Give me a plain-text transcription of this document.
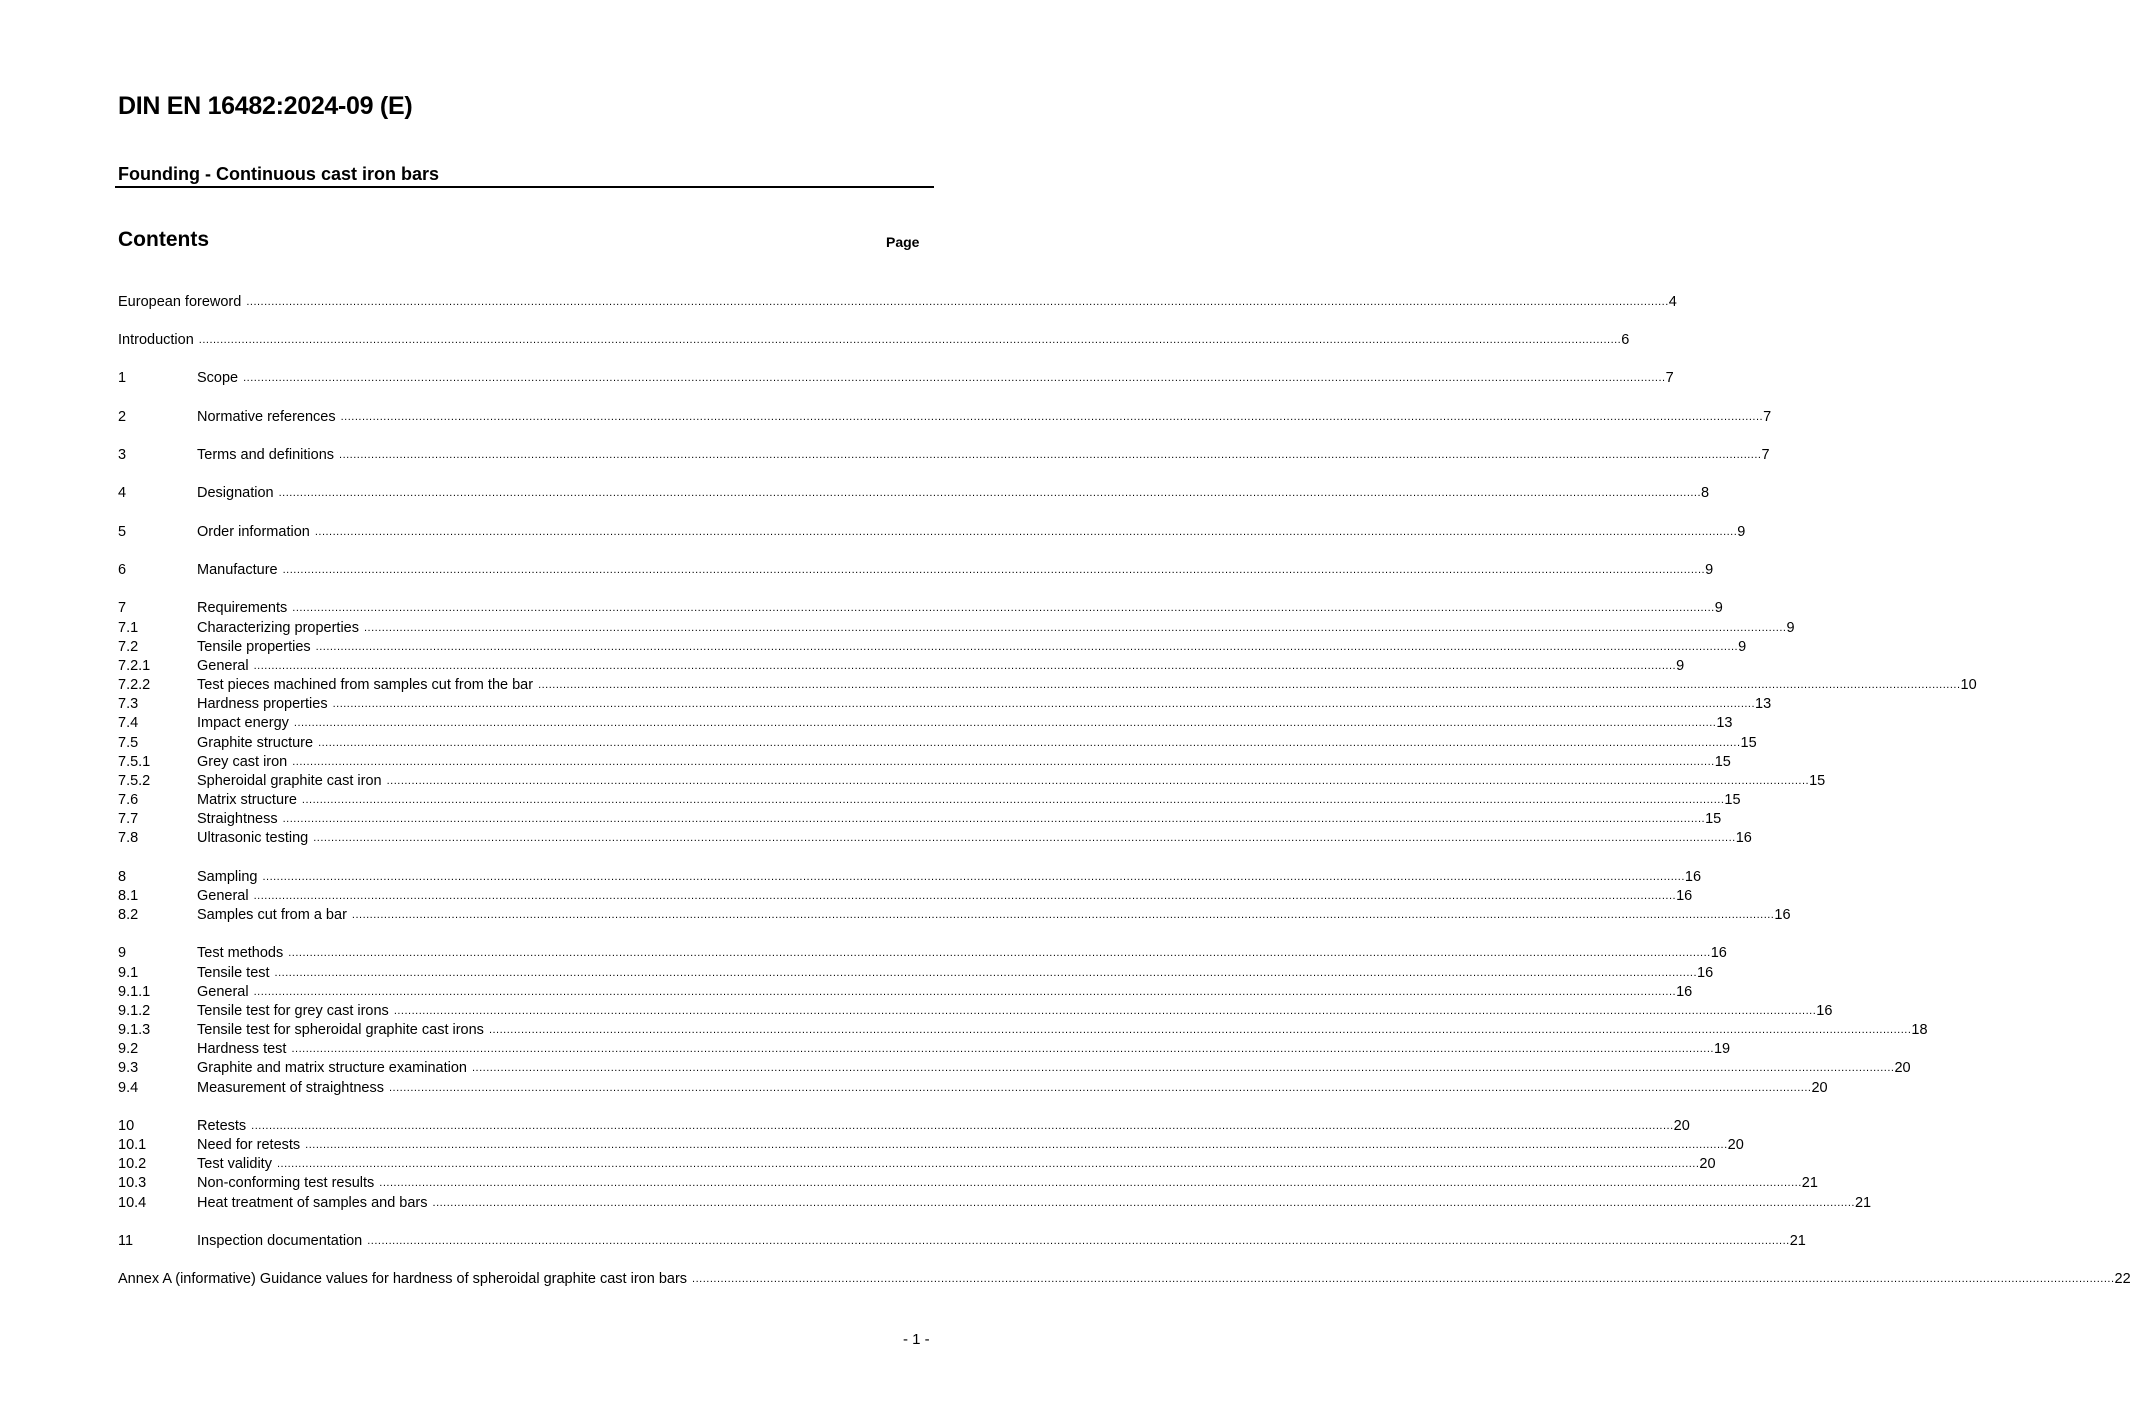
DIN EN 16482:2024-09 (E)
Founding - Continuous cast iron bars
Contents	Page
European foreword ................................................................................................................................................................................................................................................................................................................................................................................................................ 4
Introduction ................................................................................................................................................................................................................................................................................................................................................................................................................ 6
1	Scope ................................................................................................................................................................................................................................................................................................................................................................................................................ 7
2	Normative references ................................................................................................................................................................................................................................................................................................................................................................................................................ 7
3	Terms and definitions ................................................................................................................................................................................................................................................................................................................................................................................................................ 7
4	Designation ................................................................................................................................................................................................................................................................................................................................................................................................................ 8
5	Order information ................................................................................................................................................................................................................................................................................................................................................................................................................ 9
6	Manufacture ................................................................................................................................................................................................................................................................................................................................................................................................................ 9
7	Requirements ................................................................................................................................................................................................................................................................................................................................................................................................................ 9
7.1	Characterizing properties ................................................................................................................................................................................................................................................................................................................................................................................................................ 9
7.2	Tensile properties ................................................................................................................................................................................................................................................................................................................................................................................................................ 9
7.2.1	General ................................................................................................................................................................................................................................................................................................................................................................................................................ 9
7.2.2	Test pieces machined from samples cut from the bar ................................................................................................................................................................................................................................................................................................................................................................................................................ 10
7.3	Hardness properties ................................................................................................................................................................................................................................................................................................................................................................................................................ 13
7.4	Impact energy ................................................................................................................................................................................................................................................................................................................................................................................................................ 13
7.5	Graphite structure ................................................................................................................................................................................................................................................................................................................................................................................................................ 15
7.5.1	Grey cast iron ................................................................................................................................................................................................................................................................................................................................................................................................................ 15
7.5.2	Spheroidal graphite cast iron ................................................................................................................................................................................................................................................................................................................................................................................................................ 15
7.6	Matrix structure ................................................................................................................................................................................................................................................................................................................................................................................................................ 15
7.7	Straightness ................................................................................................................................................................................................................................................................................................................................................................................................................ 15
7.8	Ultrasonic testing ................................................................................................................................................................................................................................................................................................................................................................................................................ 16
8	Sampling ................................................................................................................................................................................................................................................................................................................................................................................................................ 16
8.1	General ................................................................................................................................................................................................................................................................................................................................................................................................................ 16
8.2	Samples cut from a bar ................................................................................................................................................................................................................................................................................................................................................................................................................ 16
9	Test methods ................................................................................................................................................................................................................................................................................................................................................................................................................ 16
9.1	Tensile test ................................................................................................................................................................................................................................................................................................................................................................................................................ 16
9.1.1	General ................................................................................................................................................................................................................................................................................................................................................................................................................ 16
9.1.2	Tensile test for grey cast irons ................................................................................................................................................................................................................................................................................................................................................................................................................ 16
9.1.3	Tensile test for spheroidal graphite cast irons ................................................................................................................................................................................................................................................................................................................................................................................................................ 18
9.2	Hardness test ................................................................................................................................................................................................................................................................................................................................................................................................................ 19
9.3	Graphite and matrix structure examination ................................................................................................................................................................................................................................................................................................................................................................................................................ 20
9.4	Measurement of straightness ................................................................................................................................................................................................................................................................................................................................................................................................................ 20
10	Retests ................................................................................................................................................................................................................................................................................................................................................................................................................ 20
10.1	Need for retests ................................................................................................................................................................................................................................................................................................................................................................................................................ 20
10.2	Test validity ................................................................................................................................................................................................................................................................................................................................................................................................................ 20
10.3	Non-conforming test results ................................................................................................................................................................................................................................................................................................................................................................................................................ 21
10.4	Heat treatment of samples and bars ................................................................................................................................................................................................................................................................................................................................................................................................................ 21
11	Inspection documentation ................................................................................................................................................................................................................................................................................................................................................................................................................ 21
Annex A (informative) Guidance values for hardness of spheroidal graphite cast iron bars ................................................................................................................................................................................................................................................................................................................................................................................................................ 22
- 1 -
